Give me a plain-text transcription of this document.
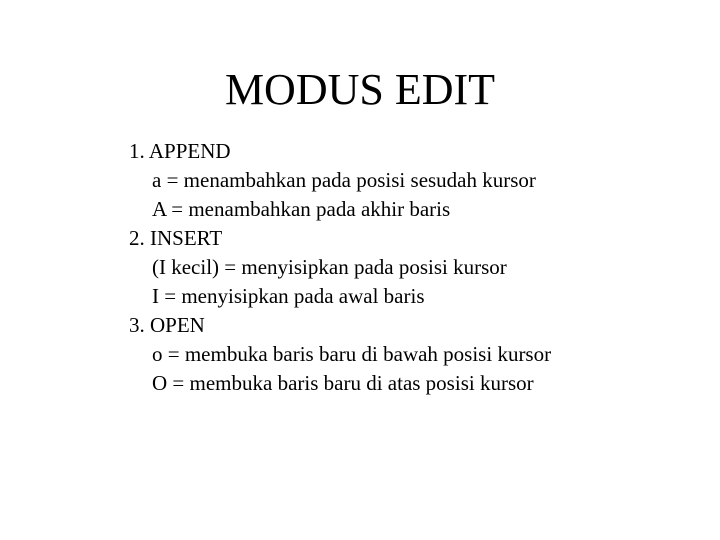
MODUS EDIT
1. APPEND
a = menambahkan pada posisi sesudah kursor
A = menambahkan pada akhir baris
2. INSERT
(I kecil) = menyisipkan pada posisi kursor
I = menyisipkan pada awal baris
3. OPEN
o = membuka baris baru di bawah posisi kursor
O = membuka baris baru di atas posisi kursor
